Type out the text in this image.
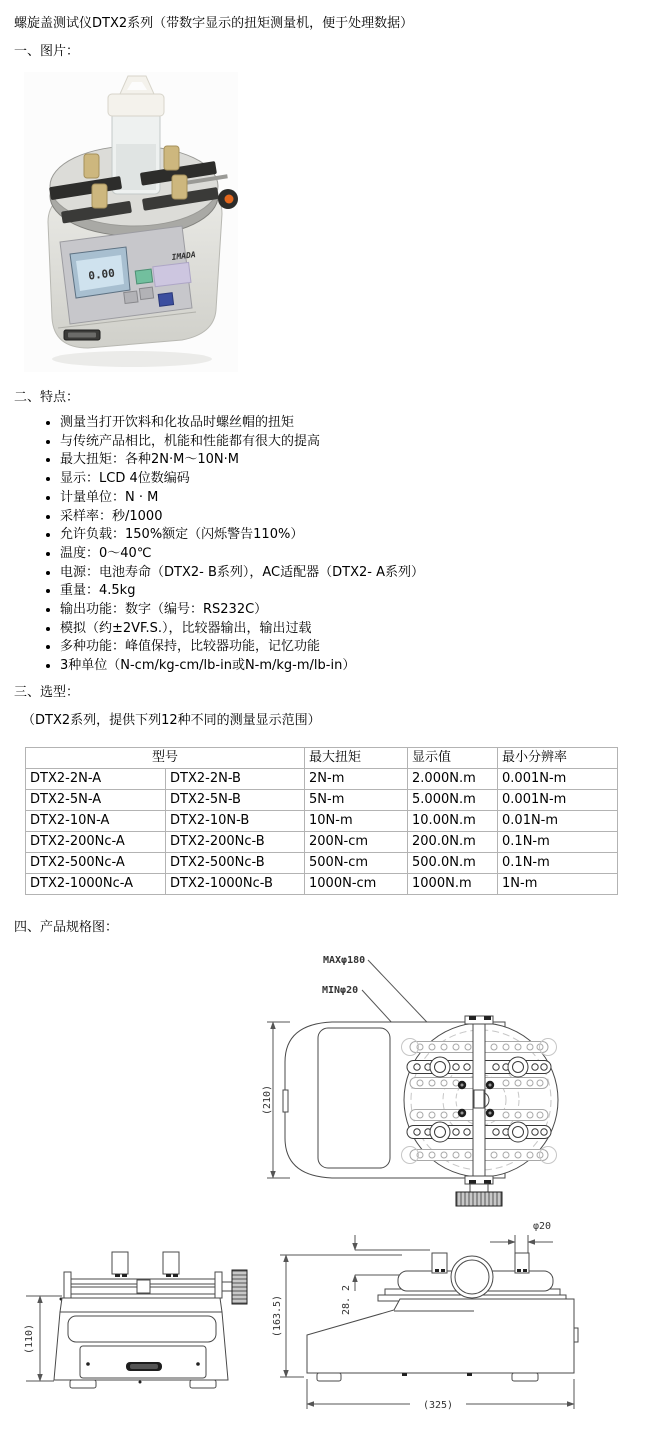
螺旋盖测试仪DTX2系列（带数字显示的扭矩测量机，便于处理数据）
一、图片：
0.00
IMADA
二、特点：
• 测量当打开饮料和化妆品时螺丝帽的扭矩
• 与传统产品相比，机能和性能都有很大的提高
• 最大扭矩：各种2N·M〜10N·M
• 显示：LCD 4位数编码
• 计量单位：N · M
• 采样率：秒/1000
• 允许负载：150%额定（闪烁警告110%）
• 温度：0〜40℃
• 电源：电池寿命（DTX2- B系列），AC适配器（DTX2- A系列）
• 重量：4.5kg
• 输出功能：数字（编号：RS232C）
• 模拟（约±2VF.S.），比较器输出，输出过载
• 多种功能：峰值保持，比较器功能，记忆功能
• 3种单位（N-cm/kg-cm/lb-in或N-m/kg-m/lb-in）
三、选型：
（DTX2系列，提供下列12种不同的测量显示范围）
型号		最大扭矩	显示值	最小分辨率
DTX2-2N-A	DTX2-2N-B	2N-m	2.000N.m	0.001N-m
DTX2-5N-A	DTX2-5N-B	5N-m	5.000N.m	0.001N-m
DTX2-10N-A	DTX2-10N-B	10N-m	10.00N.m	0.01N-m
DTX2-200Nc-A	DTX2-200Nc-B	200N-cm	200.0N.m	0.1N-m
DTX2-500Nc-A	DTX2-500Nc-B	500N-cm	500.0N.m	0.1N-m
DTX2-1000Nc-A	DTX2-1000Nc-B	1000N-cm	1000N.m	1N-m
四、产品规格图：
MAXφ180
MINφ20
(210)
(110)
φ20
(163.5)	28. 2
(325)
